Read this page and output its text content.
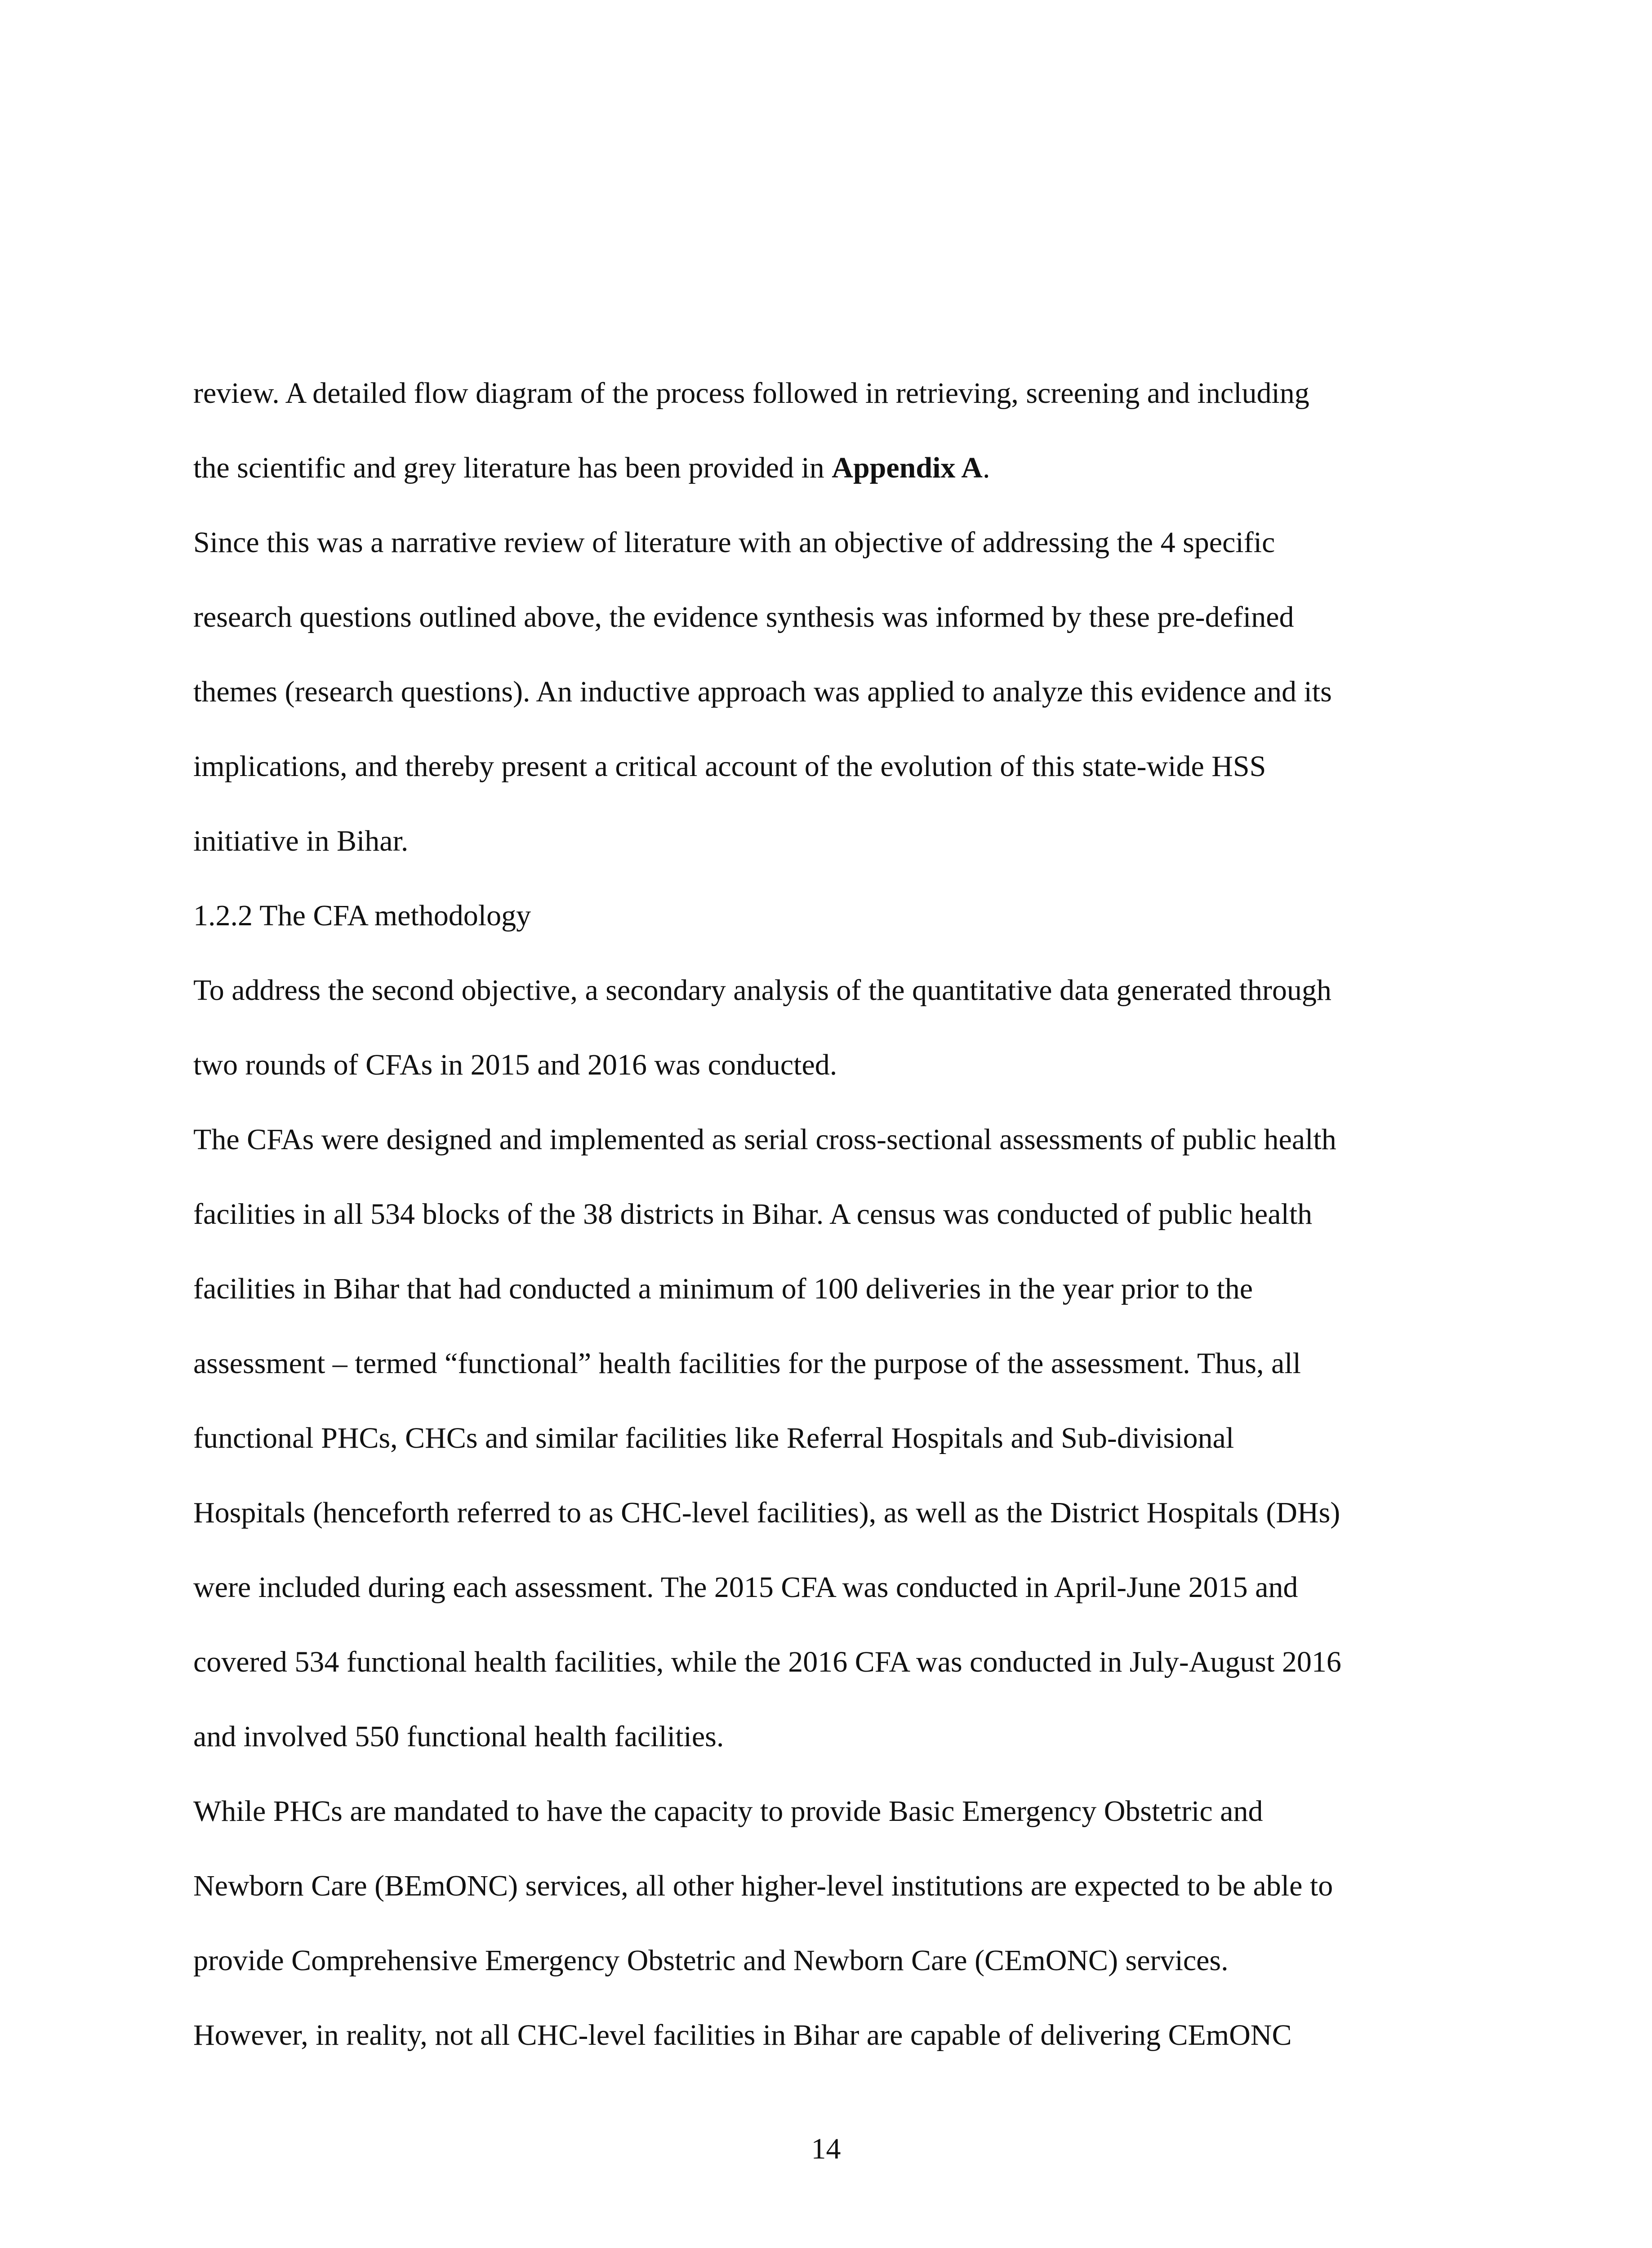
review. A detailed flow diagram of the process followed in retrieving, screening and including
the scientific and grey literature has been provided in Appendix A.
Since this was a narrative review of literature with an objective of addressing the 4 specific
research questions outlined above, the evidence synthesis was informed by these pre-defined
themes (research questions). An inductive approach was applied to analyze this evidence and its
implications, and thereby present a critical account of the evolution of this state-wide HSS
initiative in Bihar.
1.2.2 The CFA methodology
To address the second objective, a secondary analysis of the quantitative data generated through
two rounds of CFAs in 2015 and 2016 was conducted.
The CFAs were designed and implemented as serial cross-sectional assessments of public health
facilities in all 534 blocks of the 38 districts in Bihar. A census was conducted of public health
facilities in Bihar that had conducted a minimum of 100 deliveries in the year prior to the
assessment – termed “functional” health facilities for the purpose of the assessment. Thus, all
functional PHCs, CHCs and similar facilities like Referral Hospitals and Sub-divisional
Hospitals (henceforth referred to as CHC-level facilities), as well as the District Hospitals (DHs)
were included during each assessment. The 2015 CFA was conducted in April-June 2015 and
covered 534 functional health facilities, while the 2016 CFA was conducted in July-August 2016
and involved 550 functional health facilities.
While PHCs are mandated to have the capacity to provide Basic Emergency Obstetric and
Newborn Care (BEmONC) services, all other higher-level institutions are expected to be able to
provide Comprehensive Emergency Obstetric and Newborn Care (CEmONC) services.
However, in reality, not all CHC-level facilities in Bihar are capable of delivering CEmONC
14
